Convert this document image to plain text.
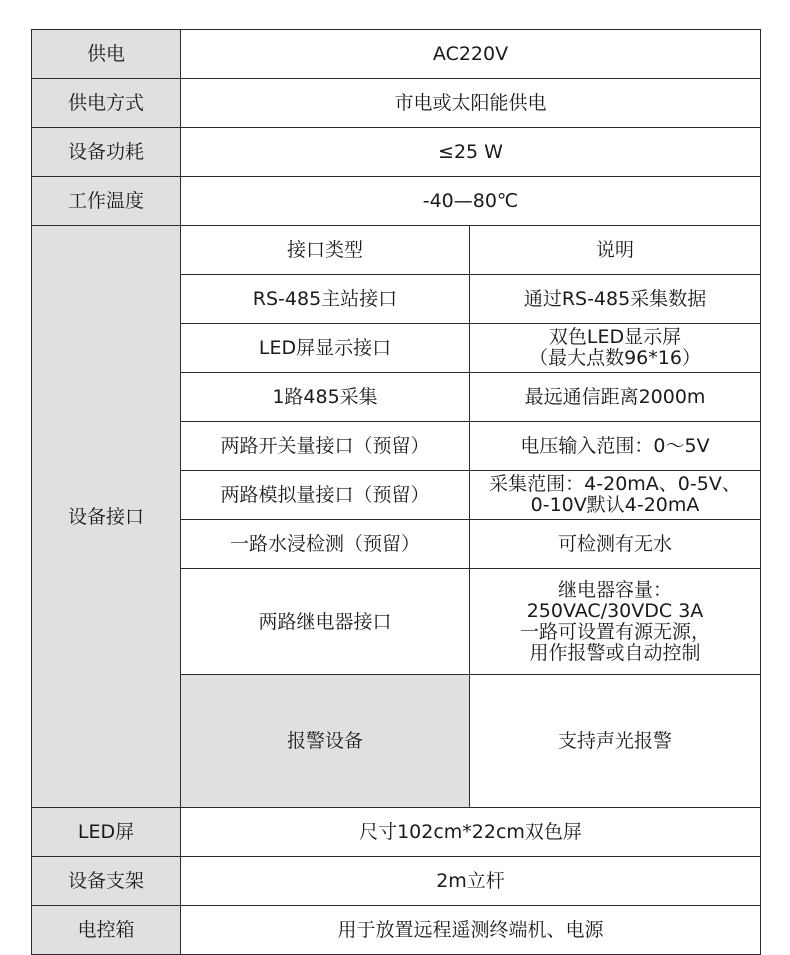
供电	AC220V		
供电方式	市电或太阳能供电		
设备功耗	≤25 W		
工作温度	-40—80℃		
设备接口	接口类型	说明	
	RS-485主站接口	通过RS-485采集数据	

	LED屏显示接口	双色LED显示屏
（最大点数96*16）	

	1路485采集	最远通信距离2000m	

	两路开关量接口（预留）	电压输入范围：0～5V	

	两路模拟量接口（预留）	采集范围：4-20mA、0-5V、
0-10V默认4-20mA	

	一路水浸检测（预留）	可检测有无水	

	两路继电器接口	继电器容量：
250VAC/30VDC 3A
一路可设置有源无源，
用作报警或自动控制	

	报警设备	支持声光报警	
LED屏	尺寸102cm*22cm双色屏		
设备支架	2m立杆		
电控箱	用于放置远程遥测终端机、电源		
